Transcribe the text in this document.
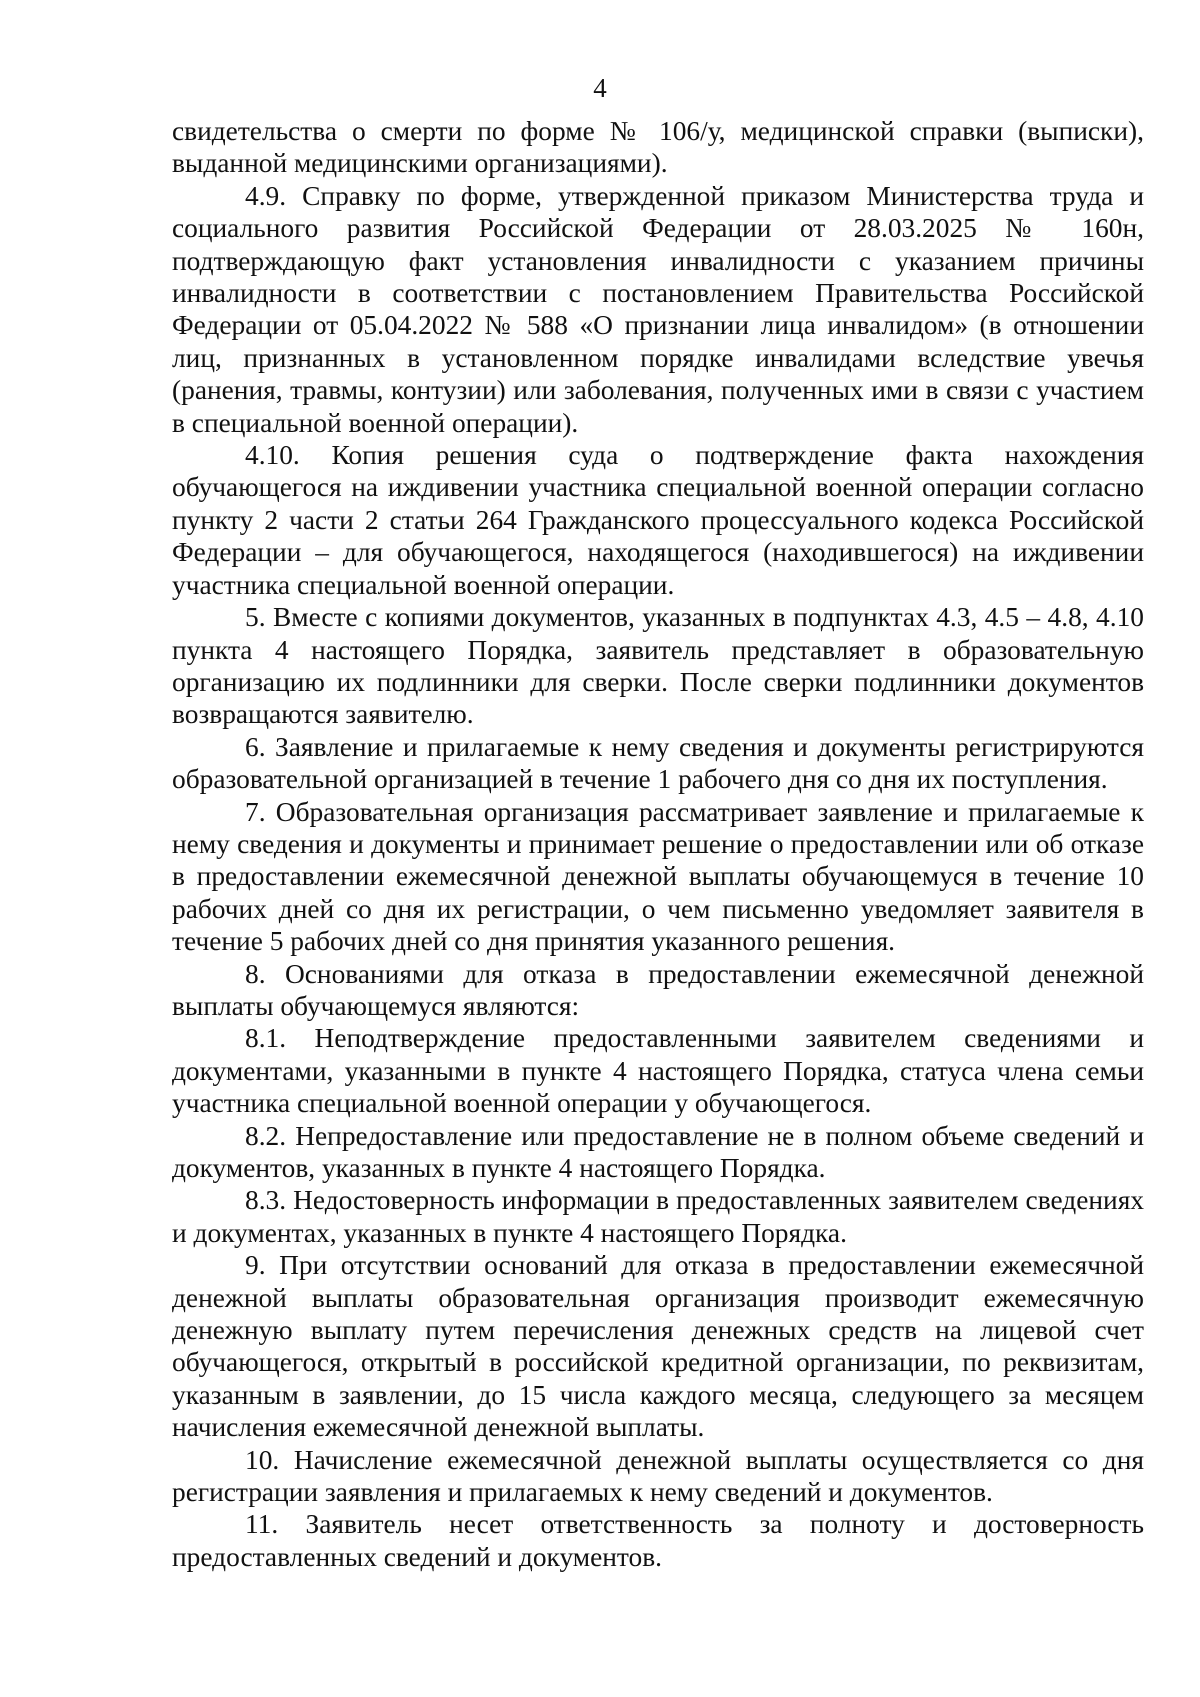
4

свидетельства о смерти по форме № 106/у, медицинской справки (выписки), выданной медицинскими организациями).

4.9. Справку по форме, утвержденной приказом Министерства труда и социального развития Российской Федерации от 28.03.2025 № 160н, подтверждающую факт установления инвалидности с указанием причины инвалидности в соответствии с постановлением Правительства Российской Федерации от 05.04.2022 № 588 «О признании лица инвалидом» (в отношении лиц, признанных в установленном порядке инвалидами вследствие увечья (ранения, травмы, контузии) или заболевания, полученных ими в связи с участием в специальной военной операции).

4.10. Копия решения суда о подтверждение факта нахождения обучающегося на иждивении участника специальной военной операции согласно пункту 2 части 2 статьи 264 Гражданского процессуального кодекса Российской Федерации – для обучающегося, находящегося (находившегося) на иждивении участника специальной военной операции.

5. Вместе с копиями документов, указанных в подпунктах 4.3, 4.5 – 4.8, 4.10 пункта 4 настоящего Порядка, заявитель представляет в образовательную организацию их подлинники для сверки. После сверки подлинники документов возвращаются заявителю.

6. Заявление и прилагаемые к нему сведения и документы регистрируются образовательной организацией в течение 1 рабочего дня со дня их поступления.

7. Образовательная организация рассматривает заявление и прилагаемые к нему сведения и документы и принимает решение о предоставлении или об отказе в предоставлении ежемесячной денежной выплаты обучающемуся в течение 10 рабочих дней со дня их регистрации, о чем письменно уведомляет заявителя в течение 5 рабочих дней со дня принятия указанного решения.

8. Основаниями для отказа в предоставлении ежемесячной денежной выплаты обучающемуся являются:

8.1. Неподтверждение предоставленными заявителем сведениями и документами, указанными в пункте 4 настоящего Порядка, статуса члена семьи участника специальной военной операции у обучающегося.

8.2. Непредоставление или предоставление не в полном объеме сведений и документов, указанных в пункте 4 настоящего Порядка.

8.3. Недостоверность информации в предоставленных заявителем сведениях и документах, указанных в пункте 4 настоящего Порядка.

9. При отсутствии оснований для отказа в предоставлении ежемесячной денежной выплаты образовательная организация производит ежемесячную денежную выплату путем перечисления денежных средств на лицевой счет обучающегося, открытый в российской кредитной организации, по реквизитам, указанным в заявлении, до 15 числа каждого месяца, следующего за месяцем начисления ежемесячной денежной выплаты.

10. Начисление ежемесячной денежной выплаты осуществляется со дня регистрации заявления и прилагаемых к нему сведений и документов.

11. Заявитель несет ответственность за полноту и достоверность предоставленных сведений и документов.
